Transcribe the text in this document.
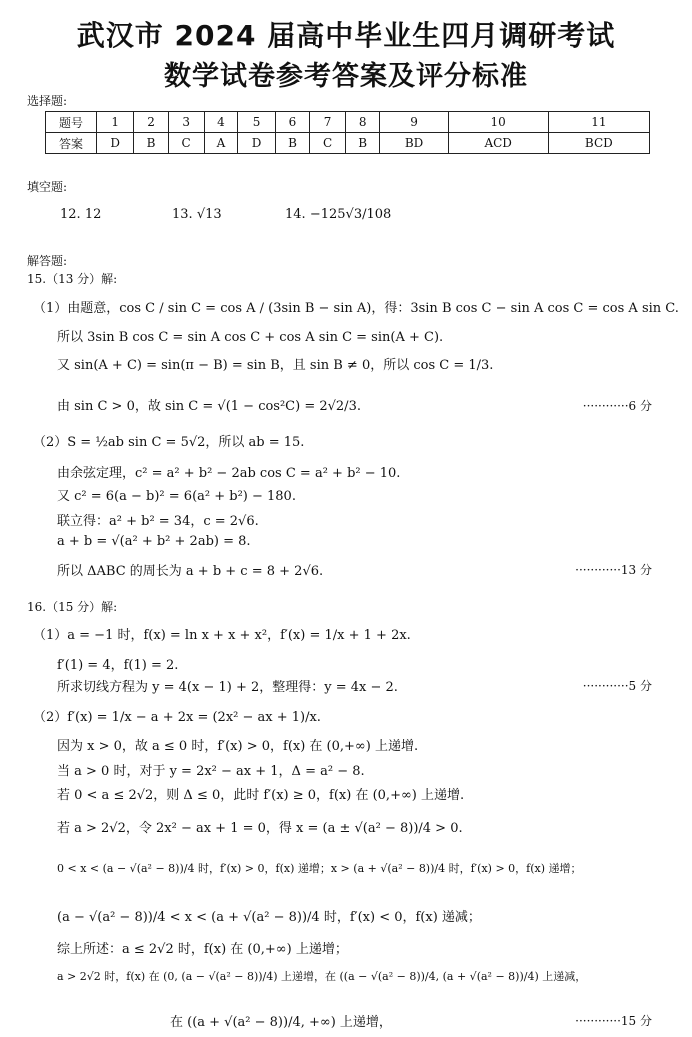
武汉市 2024 届高中毕业生四月调研考试
数学试卷参考答案及评分标准
选择题:
题号	1	2	3	4	5	6	7	8	9	10	11
答案	D	B	C	A	D	B	C	B	BD	ACD	BCD
填空题:
12. 12	13. √13	14. −125√3/108
解答题:
15.（13 分）解:
（1）由题意，cos C / sin C = cos A / (3sin B − sin A)，得：3sin B cos C − sin A cos C = cos A sin C.
所以 3sin B cos C = sin A cos C + cos A sin C = sin(A + C).
又 sin(A + C) = sin(π − B) = sin B，且 sin B ≠ 0，所以 cos C = 1/3.
由 sin C > 0，故 sin C = √(1 − cos²C) = 2√2/3.	············6 分
（2）S = ½ab sin C = 5√2，所以 ab = 15.
由余弦定理，c² = a² + b² − 2ab cos C = a² + b² − 10.
又 c² = 6(a − b)² = 6(a² + b²) − 180.
联立得：a² + b² = 34，c = 2√6.
a + b = √(a² + b² + 2ab) = 8.
所以 ΔABC 的周长为 a + b + c = 8 + 2√6.	············13 分
16.（15 分）解:
（1）a = −1 时，f(x) = ln x + x + x²，f′(x) = 1/x + 1 + 2x.
f′(1) = 4，f(1) = 2.
所求切线方程为 y = 4(x − 1) + 2，整理得：y = 4x − 2.	············5 分
（2）f′(x) = 1/x − a + 2x = (2x² − ax + 1)/x.
因为 x > 0，故 a ≤ 0 时，f′(x) > 0，f(x) 在 (0,+∞) 上递增.
当 a > 0 时，对于 y = 2x² − ax + 1，Δ = a² − 8.
若 0 < a ≤ 2√2，则 Δ ≤ 0，此时 f′(x) ≥ 0，f(x) 在 (0,+∞) 上递增.
若 a > 2√2，令 2x² − ax + 1 = 0，得 x = (a ± √(a² − 8))/4 > 0.
0 < x < (a − √(a² − 8))/4 时，f′(x) > 0，f(x) 递增；x > (a + √(a² − 8))/4 时，f′(x) > 0，f(x) 递增；
(a − √(a² − 8))/4 < x < (a + √(a² − 8))/4 时，f′(x) < 0，f(x) 递减；
综上所述：a ≤ 2√2 时，f(x) 在 (0,+∞) 上递增；
a > 2√2 时，f(x) 在 (0, (a − √(a² − 8))/4) 上递增，在 ((a − √(a² − 8))/4, (a + √(a² − 8))/4) 上递减，
在 ((a + √(a² − 8))/4, +∞) 上递增，	············15 分
